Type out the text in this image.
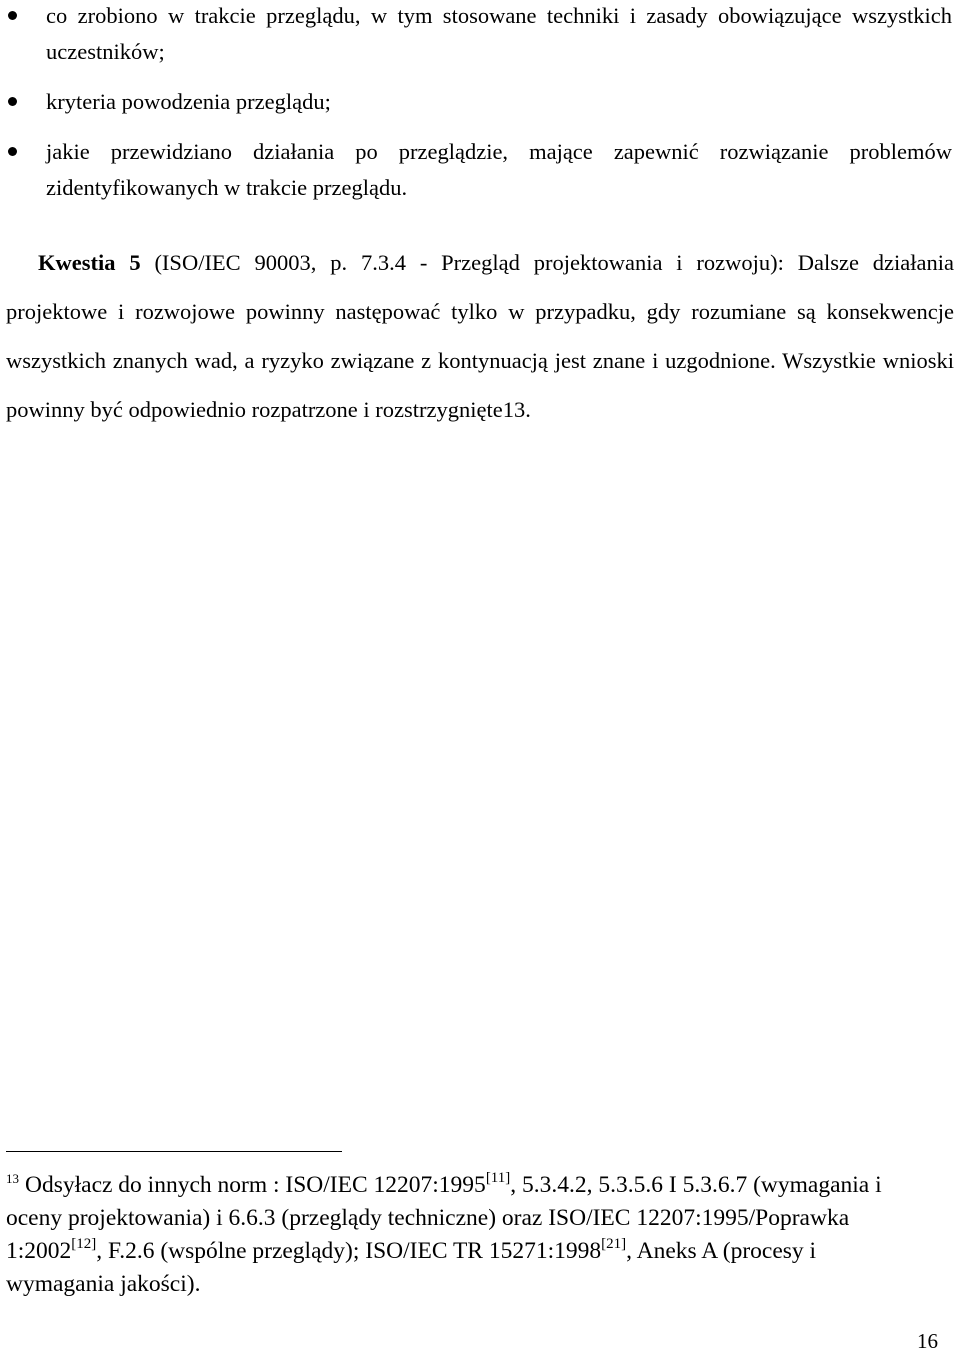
co zrobiono w trakcie przeglądu, w tym stosowane techniki i zasady obowiązujące wszystkich uczestników;
kryteria powodzenia przeglądu;
jakie przewidziano działania po przeglądzie, mające zapewnić rozwiązanie problemów zidentyfikowanych w trakcie przeglądu.

Kwestia 5 (ISO/IEC 90003, p. 7.3.4 - Przegląd projektowania i rozwoju): Dalsze działania projektowe i rozwojowe powinny następować tylko w przypadku, gdy rozumiane są konsekwencje wszystkich znanych wad, a ryzyko związane z kontynuacją jest znane i uzgodnione. Wszystkie wnioski powinny być odpowiednio rozpatrzone i rozstrzygnięte13.

$^{13}$ Odsyłacz do innych norm : ISO/IEC 12207:1995[11], 5.3.4.2, 5.3.5.6 I 5.3.6.7 (wymagania i oceny projektowania) i 6.6.3 (przeglądy techniczne) oraz ISO/IEC 12207:1995/Poprawka 1:2002[12], F.2.6 (wspólne przeglądy); ISO/IEC TR 15271:1998[21], Aneks A (procesy i wymagania jakości).

16
